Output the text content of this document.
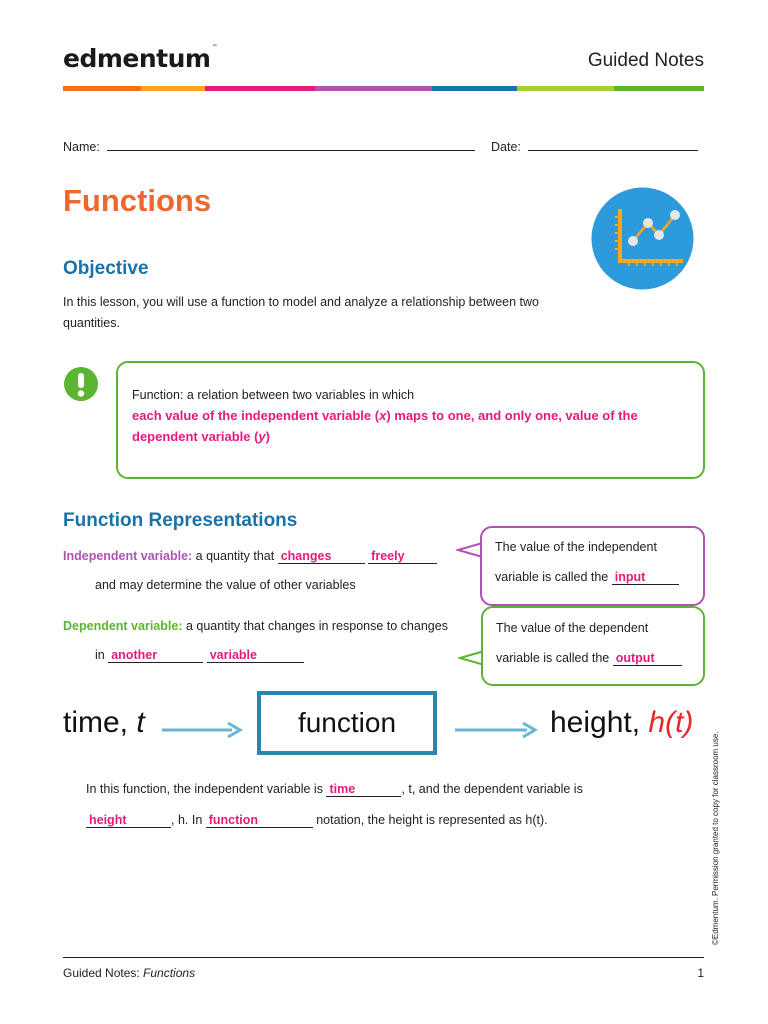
edmentum™
Guided Notes
Name:	Date:
Functions
Objective
In this lesson, you will use a function to model and analyze a relationship between two quantities.
Function: a relation between two variables in which
each value of the independent variable (x) maps to one, and only one, value of the dependent variable (y)
Function Representations
Independent variable: a quantity that changes	freely
and may determine the value of other variables
Dependent variable: a quantity that changes in response to changes
in another	variable
The value of the independent
variable is called the input
The value of the dependent
variable is called the output
time, t	function	height, h(t)
In this function, the independent variable is time	, t, and the dependent variable is
height	, h. In function	notation, the height is represented as h(t).	©Edmentum. Permission granted to copy for classroom use.
Guided Notes: Functions	1
